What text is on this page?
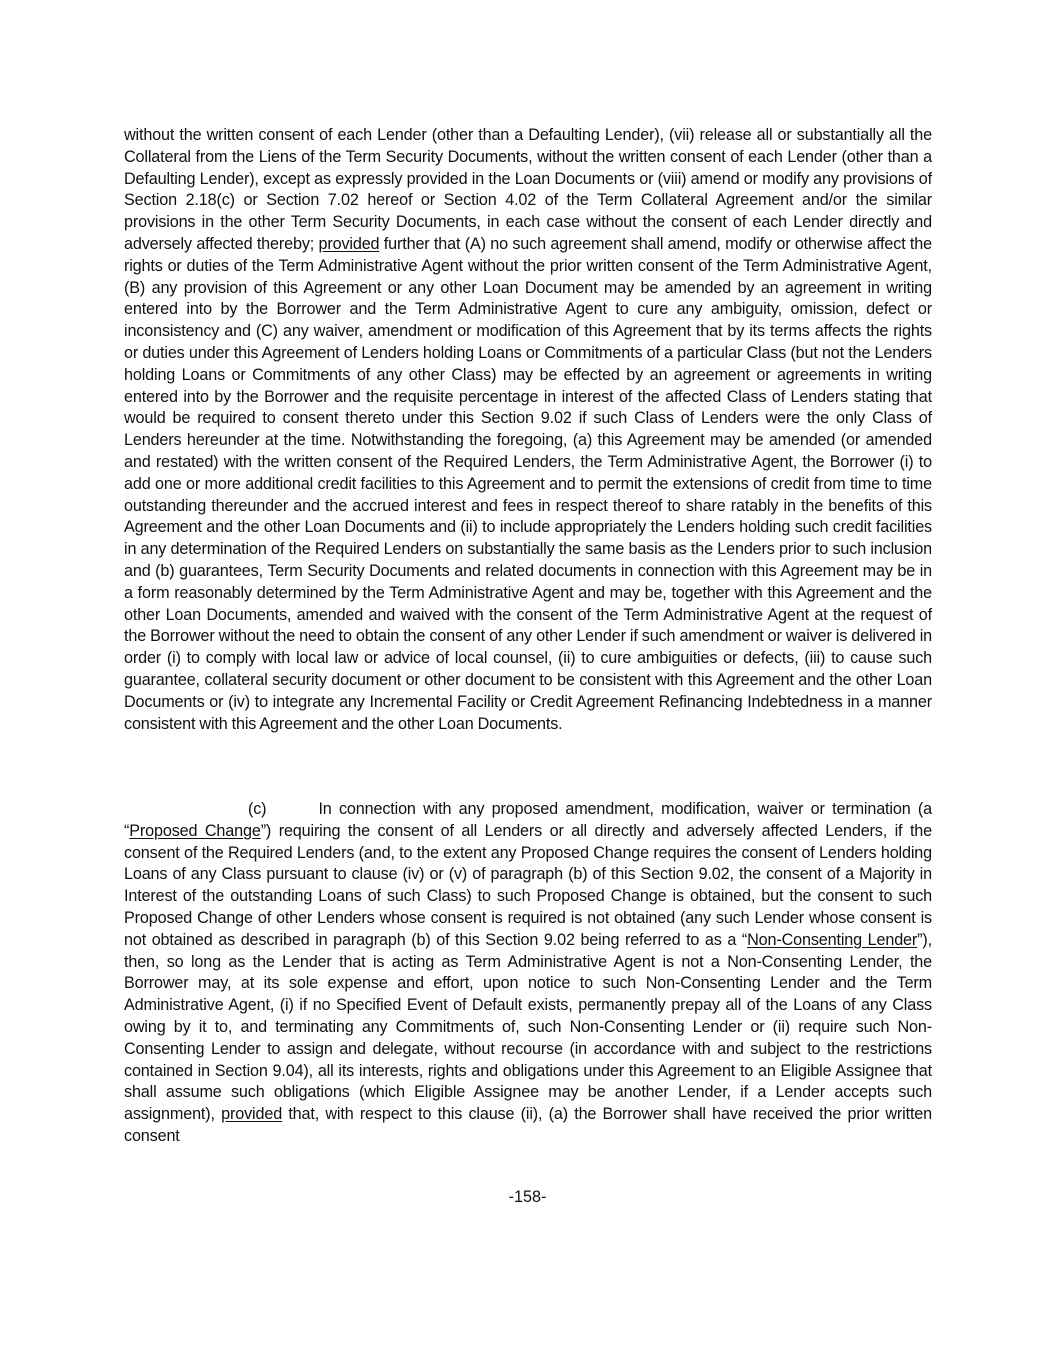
without the written consent of each Lender (other than a Defaulting Lender), (vii) release all or substantially all the Collateral from the Liens of the Term Security Documents, without the written consent of each Lender (other than a Defaulting Lender), except as expressly provided in the Loan Documents or (viii) amend or modify any provisions of Section 2.18(c) or Section 7.02 hereof or Section 4.02 of the Term Collateral Agreement and/or the similar provisions in the other Term Security Documents, in each case without the consent of each Lender directly and adversely affected thereby; provided further that (A) no such agreement shall amend, modify or otherwise affect the rights or duties of the Term Administrative Agent without the prior written consent of the Term Administrative Agent, (B) any provision of this Agreement or any other Loan Document may be amended by an agreement in writing entered into by the Borrower and the Term Administrative Agent to cure any ambiguity, omission, defect or inconsistency and (C) any waiver, amendment or modification of this Agreement that by its terms affects the rights or duties under this Agreement of Lenders holding Loans or Commitments of a particular Class (but not the Lenders holding Loans or Commitments of any other Class) may be effected by an agreement or agreements in writing entered into by the Borrower and the requisite percentage in interest of the affected Class of Lenders stating that would be required to consent thereto under this Section 9.02 if such Class of Lenders were the only Class of Lenders hereunder at the time. Notwithstanding the foregoing, (a) this Agreement may be amended (or amended and restated) with the written consent of the Required Lenders, the Term Administrative Agent, the Borrower (i) to add one or more additional credit facilities to this Agreement and to permit the extensions of credit from time to time outstanding thereunder and the accrued interest and fees in respect thereof to share ratably in the benefits of this Agreement and the other Loan Documents and (ii) to include appropriately the Lenders holding such credit facilities in any determination of the Required Lenders on substantially the same basis as the Lenders prior to such inclusion and (b) guarantees, Term Security Documents and related documents in connection with this Agreement may be in a form reasonably determined by the Term Administrative Agent and may be, together with this Agreement and the other Loan Documents, amended and waived with the consent of the Term Administrative Agent at the request of the Borrower without the need to obtain the consent of any other Lender if such amendment or waiver is delivered in order (i) to comply with local law or advice of local counsel, (ii) to cure ambiguities or defects, (iii) to cause such guarantee, collateral security document or other document to be consistent with this Agreement and the other Loan Documents or (iv) to integrate any Incremental Facility or Credit Agreement Refinancing Indebtedness in a manner consistent with this Agreement and the other Loan Documents.
(c)	In connection with any proposed amendment, modification, waiver or termination (a “Proposed Change”) requiring the consent of all Lenders or all directly and adversely affected Lenders, if the consent of the Required Lenders (and, to the extent any Proposed Change requires the consent of Lenders holding Loans of any Class pursuant to clause (iv) or (v) of paragraph (b) of this Section 9.02, the consent of a Majority in Interest of the outstanding Loans of such Class) to such Proposed Change is obtained, but the consent to such Proposed Change of other Lenders whose consent is required is not obtained (any such Lender whose consent is not obtained as described in paragraph (b) of this Section 9.02 being referred to as a “Non-Consenting Lender”), then, so long as the Lender that is acting as Term Administrative Agent is not a Non-Consenting Lender, the Borrower may, at its sole expense and effort, upon notice to such Non-Consenting Lender and the Term Administrative Agent, (i) if no Specified Event of Default exists, permanently prepay all of the Loans of any Class owing by it to, and terminating any Commitments of, such Non-Consenting Lender or (ii) require such Non-Consenting Lender to assign and delegate, without recourse (in accordance with and subject to the restrictions contained in Section 9.04), all its interests, rights and obligations under this Agreement to an Eligible Assignee that shall assume such obligations (which Eligible Assignee may be another Lender, if a Lender accepts such assignment), provided that, with respect to this clause (ii), (a) the Borrower shall have received the prior written consent
-158-
